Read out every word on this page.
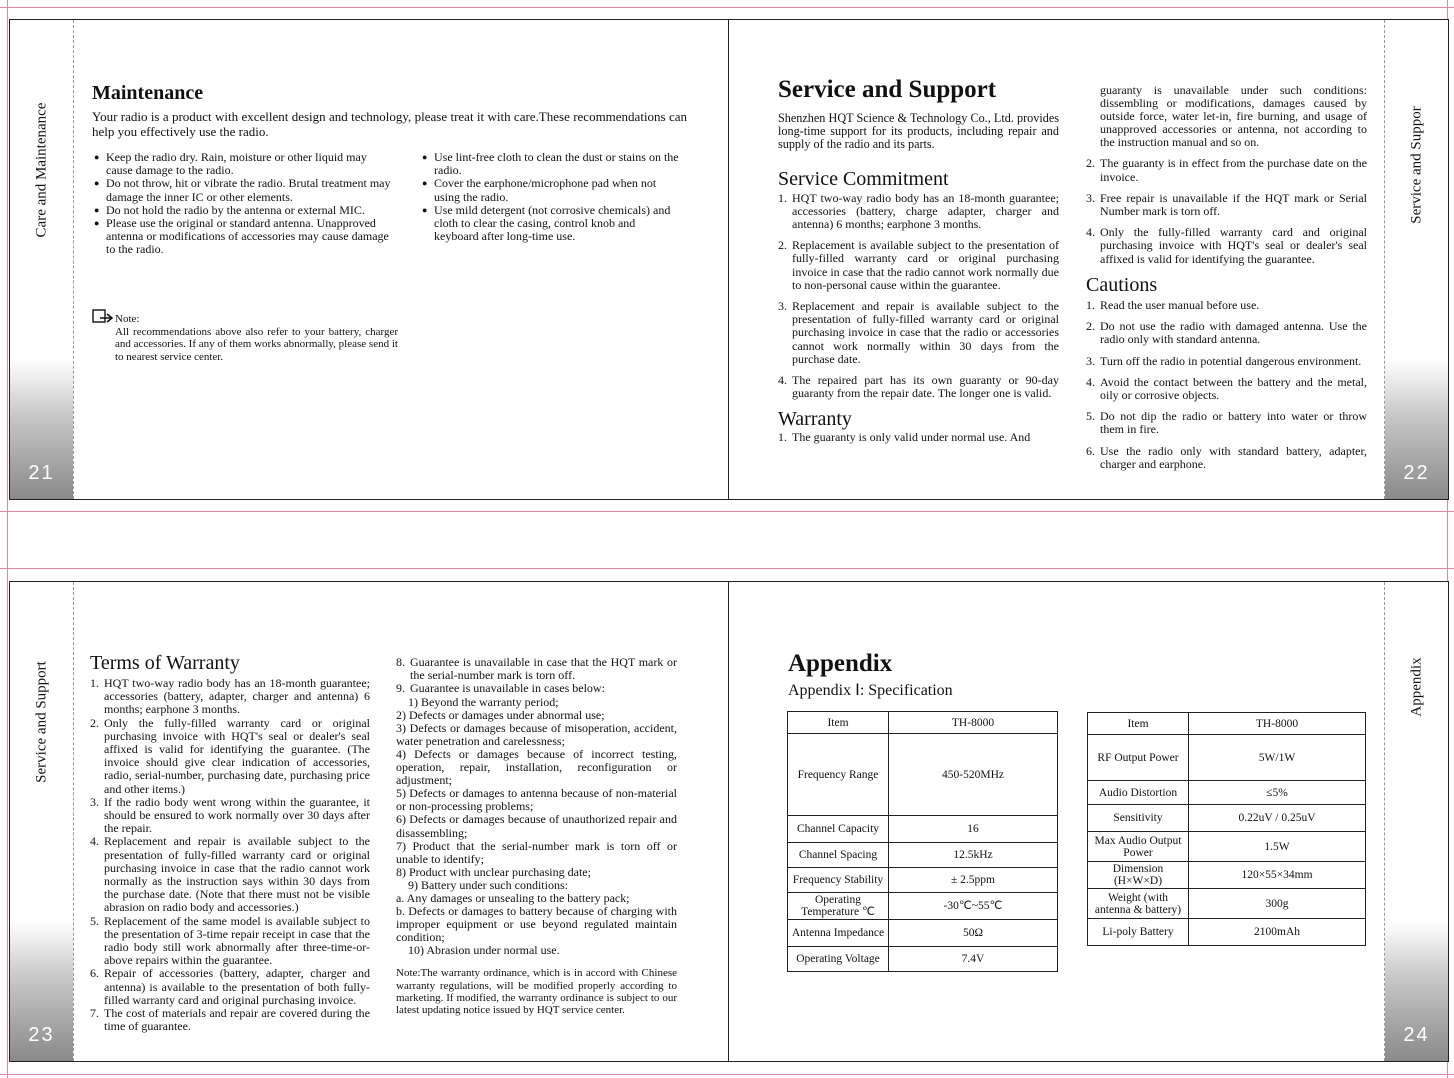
Care and Maintenance
21
Maintenance

Your radio is a product with excellent design and technology, please treat it with care.These recommendations can help you effectively use the radio.

● Keep the radio dry. Rain, moisture or other liquid may cause damage to the radio.
● Do not throw, hit or vibrate the radio. Brutal treatment may damage the inner IC or other elements.
● Do not hold the radio by the antenna or external MIC.
● Please use the original or standard antenna. Unapproved antenna or modifications of accessories may cause damage to the radio.
● Use lint-free cloth to clean the dust or stains on the radio.
● Cover the earphone/microphone pad when not using the radio.
● Use mild detergent (not corrosive chemicals) and cloth to clear the casing, control knob and keyboard after long-time use.
Note:
All recommendations above also refer to your battery, charger and accessories. If any of them works abnormally, please send it to nearest service center.
Service and Support

Shenzhen HQT Science & Technology Co., Ltd. provides long-time support for its products, including repair and supply of the radio and its parts.

Service Commitment
1. HQT two-way radio body has an 18-month guarantee; accessories (battery, charge adapter, charger and antenna) 6 months; earphone 3 months.
2. Replacement is available subject to the presentation of fully-filled warranty card or original purchasing invoice in case that the radio cannot work normally due to non-personal cause within the guarantee.
3. Replacement and repair is available subject to the presentation of fully-filled warranty card or original purchasing invoice in case that the radio or accessories cannot work normally within 30 days from the purchase date.
4. The repaired part has its own guaranty or 90-day guaranty from the repair date. The longer one is valid.
Warranty
1. The guaranty is only valid under normal use. And

guaranty is unavailable under such conditions: dissembling or modifications, damages caused by outside force, water let-in, fire burning, and usage of unapproved accessories or antenna, not according to the instruction manual and so on.

2. The guaranty is in effect from the purchase date on the invoice.
3. Free repair is unavailable if the HQT mark or Serial Number mark is torn off.
4. Only the fully-filled warranty card and original purchasing invoice with HQT's seal or dealer's seal affixed is valid for identifying the guarantee.
Cautions
1. Read the user manual before use.
2. Do not use the radio with damaged antenna. Use the radio only with standard antenna.
3. Turn off the radio in potential dangerous environment.
4. Avoid the contact between the battery and the metal, oily or corrosive objects.
5. Do not dip the radio or battery into water or throw them in fire.
6. Use the radio only with standard battery, adapter, charger and earphone.
Service and Suppor
22
Service and Support
23
Terms of Warranty
1. HQT two-way radio body has an 18-month guarantee; accessories (battery, adapter, charger and antenna) 6 months; earphone 3 months.
2. Only the fully-filled warranty card or original purchasing invoice with HQT's seal or dealer's seal affixed is valid for identifying the guarantee. (The invoice should give clear indication of accessories, radio, serial-number, purchasing date, purchasing price and other items.)
3. If the radio body went wrong within the guarantee, it should be ensured to work normally over 30 days after the repair.
4. Replacement and repair is available subject to the presentation of fully-filled warranty card or original purchasing invoice in case that the radio cannot work normally as the instruction says within 30 days from the purchase date. (Note that there must not be visible abrasion on radio body and accessories.)
5. Replacement of the same model is available subject to the presentation of 3-time repair receipt in case that the radio body still work abnormally after three-time-or-above repairs within the guarantee.
6. Repair of accessories (battery, adapter, charger and antenna) is available to the presentation of both fully-filled warranty card and original purchasing invoice.
7. The cost of materials and repair are covered during the time of guarantee.
8. Guarantee is unavailable in case that the HQT mark or the serial-number mark is torn off.
9. Guarantee is unavailable in cases below:
1) Beyond the warranty period;
2) Defects or damages under abnormal use;
3) Defects or damages because of misoperation, accident, water penetration and carelessness;
4) Defects or damages because of incorrect testing, operation, repair, installation, reconfiguration or adjustment;
5) Defects or damages to antenna because of non-material or non-processing problems;
6) Defects or damages because of unauthorized repair and disassembling;
7) Product that the serial-number mark is torn off or unable to identify;
8) Product with unclear purchasing date;
9) Battery under such conditions:
a. Any damages or unsealing to the battery pack;
b. Defects or damages to battery because of charging with improper equipment or use beyond regulated maintain condition;
10) Abrasion under normal use.

Note:The warranty ordinance, which is in accord with Chinese warranty regulations, will be modified properly according to marketing. If modified, the warranty ordinance is subject to our latest updating notice issued by HQT service center.

Appendix
Appendix Ⅰ: Specification
Item	TH-8000
Frequency Range	450-520MHz
Channel Capacity	16
Channel Spacing	12.5kHz
Frequency Stability	± 2.5ppm
Operating Temperature ℃	-30℃~55℃
Antenna Impedance	50Ω
Operating Voltage	7.4V
Item	TH-8000
RF Output Power	5W/1W
Audio Distortion	≤5%
Sensitivity	0.22uV / 0.25uV
Max Audio Output Power	1.5W
Dimension (H×W×D)	120×55×34mm
Weight (with antenna & battery)	300g
Li-poly Battery	2100mAh
Appendix
24
